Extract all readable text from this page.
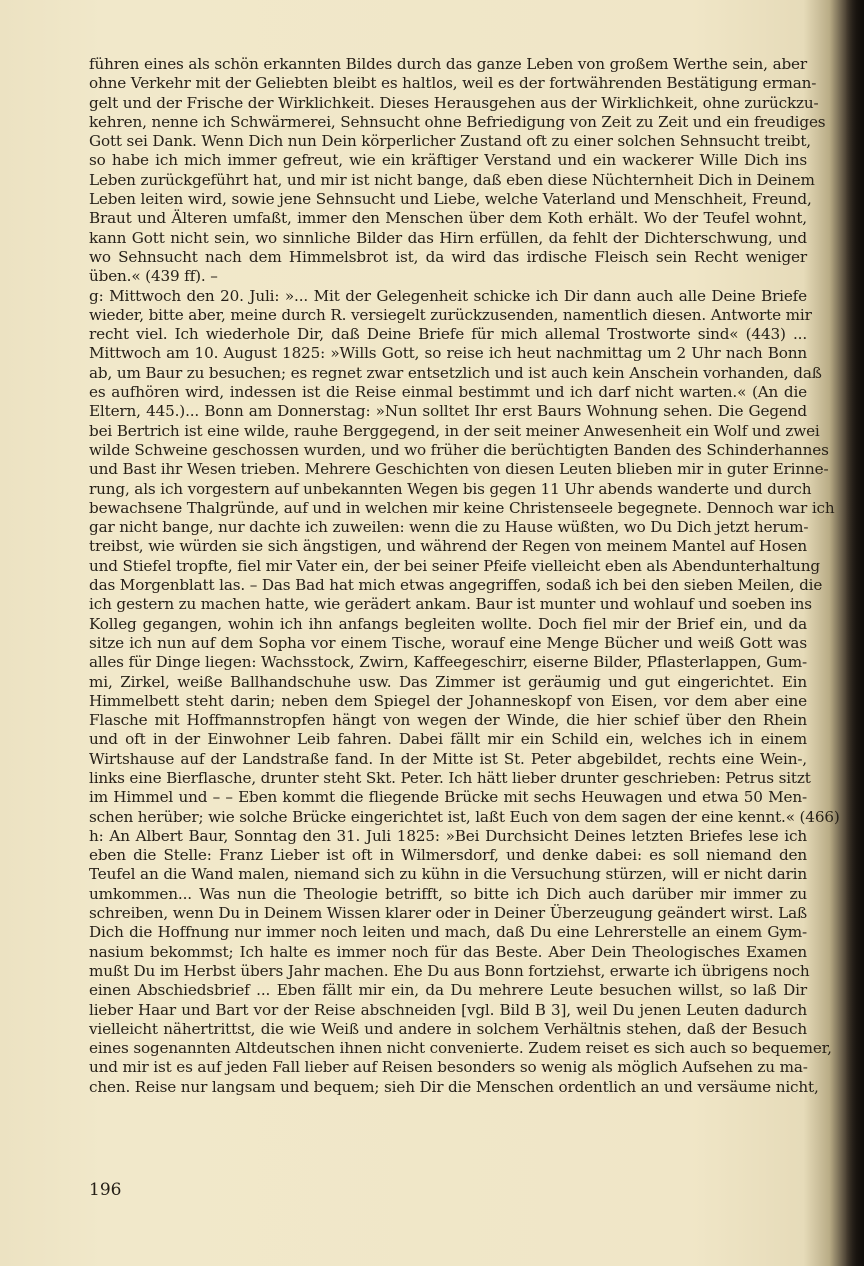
führen eines als schön erkannten Bildes durch das ganze Leben von großem Werthe sein, aber
ohne Verkehr mit der Geliebten bleibt es haltlos, weil es der fortwährenden Bestätigung erman-
gelt und der Frische der Wirklichkeit. Dieses Herausgehen aus der Wirklichkeit, ohne zurückzu-
kehren, nenne ich Schwärmerei, Sehnsucht ohne Befriedigung von Zeit zu Zeit und ein freudiges
Gott sei Dank. Wenn Dich nun Dein körperlicher Zustand oft zu einer solchen Sehnsucht treibt,
so habe ich mich immer gefreut, wie ein kräftiger Verstand und ein wackerer Wille Dich ins
Leben zurückgeführt hat, und mir ist nicht bange, daß eben diese Nüchternheit Dich in Deinem
Leben leiten wird, sowie jene Sehnsucht und Liebe, welche Vaterland und Menschheit, Freund,
Braut und Älteren umfaßt, immer den Menschen über dem Koth erhält. Wo der Teufel wohnt,
kann Gott nicht sein, wo sinnliche Bilder das Hirn erfüllen, da fehlt der Dichterschwung, und
wo Sehnsucht nach dem Himmelsbrot ist, da wird das irdische Fleisch sein Recht weniger
üben.« (439 ff). –
g: Mittwoch den 20. Juli: »... Mit der Gelegenheit schicke ich Dir dann auch alle Deine Briefe
wieder, bitte aber, meine durch R. versiegelt zurückzusenden, namentlich diesen. Antworte mir
recht viel. Ich wiederhole Dir, daß Deine Briefe für mich allemal Trostworte sind« (443) ...
Mittwoch am 10. August 1825: »Wills Gott, so reise ich heut nachmittag um 2 Uhr nach Bonn
ab, um Baur zu besuchen; es regnet zwar entsetzlich und ist auch kein Anschein vorhanden, daß
es aufhören wird, indessen ist die Reise einmal bestimmt und ich darf nicht warten.« (An die
Eltern, 445.)... Bonn am Donnerstag: »Nun solltet Ihr erst Baurs Wohnung sehen. Die Gegend
bei Bertrich ist eine wilde, rauhe Berggegend, in der seit meiner Anwesenheit ein Wolf und zwei
wilde Schweine geschossen wurden, und wo früher die berüchtigten Banden des Schinderhannes
und Bast ihr Wesen trieben. Mehrere Geschichten von diesen Leuten blieben mir in guter Erinne-
rung, als ich vorgestern auf unbekannten Wegen bis gegen 11 Uhr abends wanderte und durch
bewachsene Thalgründe, auf und in welchen mir keine Christenseele begegnete. Dennoch war ich
gar nicht bange, nur dachte ich zuweilen: wenn die zu Hause wüßten, wo Du Dich jetzt herum-
treibst, wie würden sie sich ängstigen, und während der Regen von meinem Mantel auf Hosen
und Stiefel tropfte, fiel mir Vater ein, der bei seiner Pfeife vielleicht eben als Abendunterhaltung
das Morgenblatt las. – Das Bad hat mich etwas angegriffen, sodaß ich bei den sieben Meilen, die
ich gestern zu machen hatte, wie gerädert ankam. Baur ist munter und wohlauf und soeben ins
Kolleg gegangen, wohin ich ihn anfangs begleiten wollte. Doch fiel mir der Brief ein, und da
sitze ich nun auf dem Sopha vor einem Tische, worauf eine Menge Bücher und weiß Gott was
alles für Dinge liegen: Wachsstock, Zwirn, Kaffeegeschirr, eiserne Bilder, Pflasterlappen, Gum-
mi, Zirkel, weiße Ballhandschuhe usw. Das Zimmer ist geräumig und gut eingerichtet. Ein
Himmelbett steht darin; neben dem Spiegel der Johanneskopf von Eisen, vor dem aber eine
Flasche mit Hoffmannstropfen hängt von wegen der Winde, die hier schief über den Rhein
und oft in der Einwohner Leib fahren. Dabei fällt mir ein Schild ein, welches ich in einem
Wirtshause auf der Landstraße fand. In der Mitte ist St. Peter abgebildet, rechts eine Wein-,
links eine Bierflasche, drunter steht Skt. Peter. Ich hätt lieber drunter geschrieben: Petrus sitzt
im Himmel und – – Eben kommt die fliegende Brücke mit sechs Heuwagen und etwa 50 Men-
schen herüber; wie solche Brücke eingerichtet ist, laßt Euch von dem sagen der eine kennt.« (466)
h: An Albert Baur, Sonntag den 31. Juli 1825: »Bei Durchsicht Deines letzten Briefes lese ich
eben die Stelle: Franz Lieber ist oft in Wilmersdorf, und denke dabei: es soll niemand den
Teufel an die Wand malen, niemand sich zu kühn in die Versuchung stürzen, will er nicht darin
umkommen... Was nun die Theologie betrifft, so bitte ich Dich auch darüber mir immer zu
schreiben, wenn Du in Deinem Wissen klarer oder in Deiner Überzeugung geändert wirst. Laß
Dich die Hoffnung nur immer noch leiten und mach, daß Du eine Lehrerstelle an einem Gym-
nasium bekommst; Ich halte es immer noch für das Beste. Aber Dein Theologisches Examen
mußt Du im Herbst übers Jahr machen. Ehe Du aus Bonn fortziehst, erwarte ich übrigens noch
einen Abschiedsbrief ... Eben fällt mir ein, da Du mehrere Leute besuchen willst, so laß Dir
lieber Haar und Bart vor der Reise abschneiden [vgl. Bild B 3], weil Du jenen Leuten dadurch
vielleicht nähertrittst, die wie Weiß und andere in solchem Verhältnis stehen, daß der Besuch
eines sogenannten Altdeutschen ihnen nicht convenierte. Zudem reiset es sich auch so bequemer,
und mir ist es auf jeden Fall lieber auf Reisen besonders so wenig als möglich Aufsehen zu ma-
chen. Reise nur langsam und bequem; sieh Dir die Menschen ordentlich an und versäume nicht,
196
